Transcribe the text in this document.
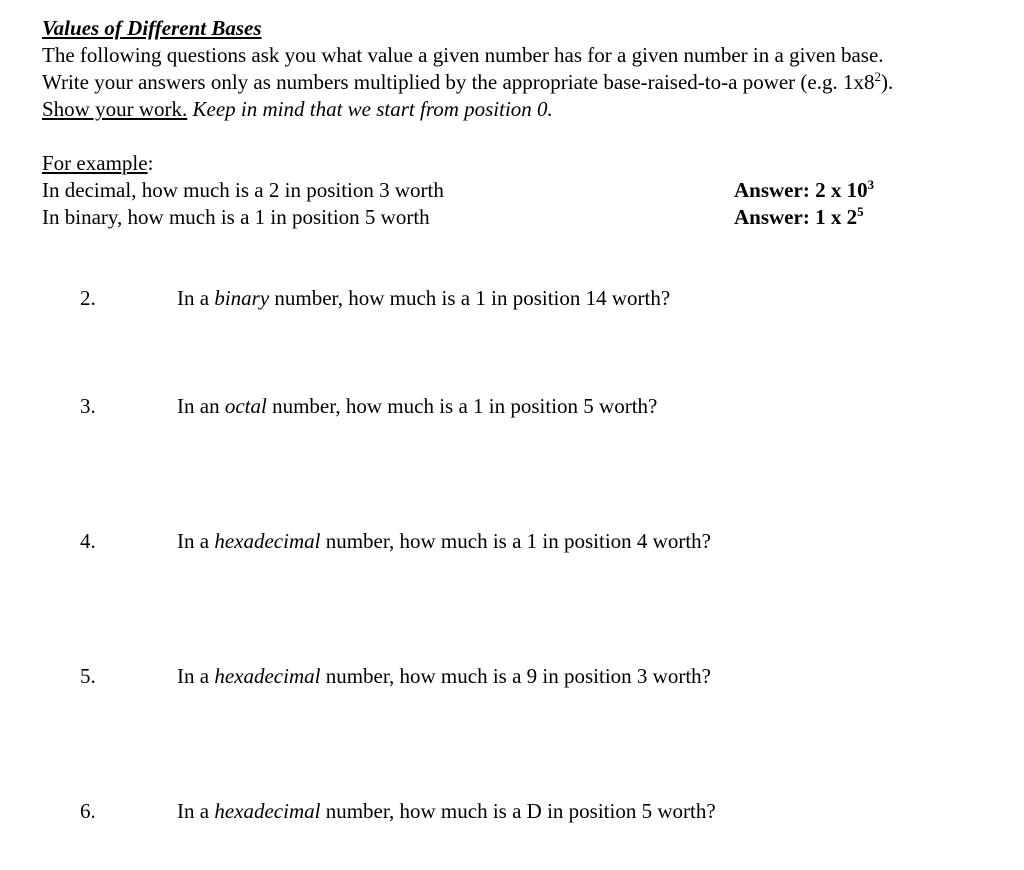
Values of Different Bases
The following questions ask you what value a given number has for a given number in a given base.
Write your answers only as numbers multiplied by the appropriate base-raised-to-a power (e.g. $1x8^2$).
Show your work. Keep in mind that we start from position 0.
For example:
In decimal, how much is a 2 in position 3 worth	Answer: 2 x $10^3$
In binary, how much is a 1 in position 5 worth	Answer: 1 x $2^5$
2.	In a binary number, how much is a 1 in position 14 worth?
3.	In an octal number, how much is a 1 in position 5 worth?
4.	In a hexadecimal number, how much is a 1 in position 4 worth?
5.	In a hexadecimal number, how much is a 9 in position 3 worth?
6.	In a hexadecimal number, how much is a D in position 5 worth?
